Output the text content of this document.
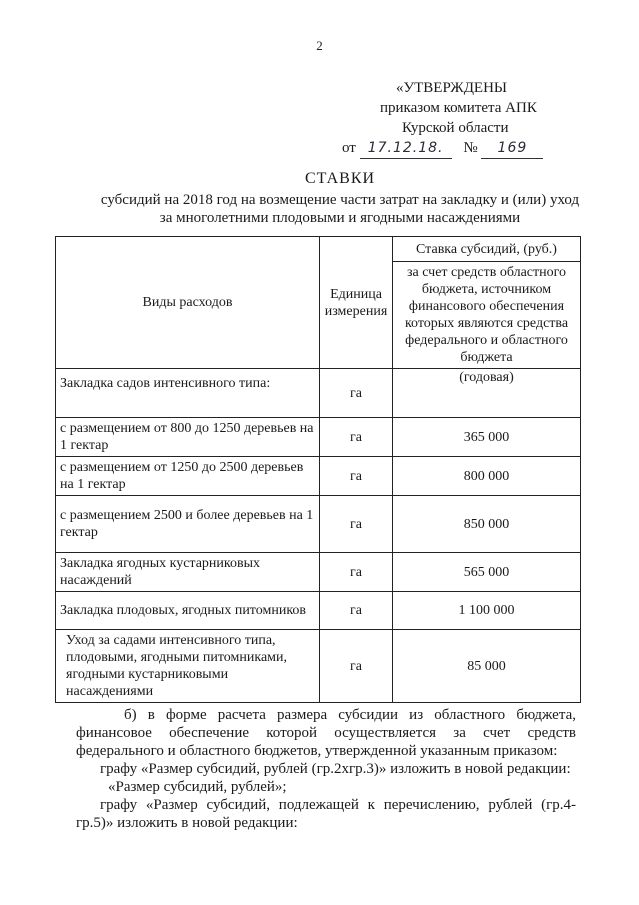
2
«УТВЕРЖДЕНЫ
приказом комитета АПК
Курской области
от 17.12.18. № 169
СТАВКИ
субсидий на 2018 год на возмещение части затрат на закладку и (или) уход
за многолетними плодовыми и ягодными насаждениями
Виды расходов	Единица измерения	Ставка субсидий, (руб.)
		за счет средств областного бюджета, источником финансового обеспечения которых являются средства федерального и областного бюджета
Закладка садов интенсивного типа:	га	(годовая)
с размещением от 800 до 1250 деревьев на 1 гектар	га	365 000
с размещением от 1250 до 2500 деревьев на 1 гектар	га	800 000
с размещением 2500 и более деревьев на 1 гектар	га	850 000
Закладка ягодных кустарниковых насаждений	га	565 000
Закладка плодовых, ягодных питомников	га	1 100 000
Уход за садами интенсивного типа, плодовыми, ягодными питомниками, ягодными кустарниковыми насаждениями	га	85 000

б) в форме расчета размера субсидии из областного бюджета, финансовое обеспечение которой осуществляется за счет средств федерального и областного бюджетов, утвержденной указанным приказом:

графу «Размер субсидий, рублей (гр.2хгр.3)» изложить в новой редакции:

«Размер субсидий, рублей»;

графу «Размер субсидий, подлежащей к перечислению, рублей (гр.4-гр.5)» изложить в новой редакции:
